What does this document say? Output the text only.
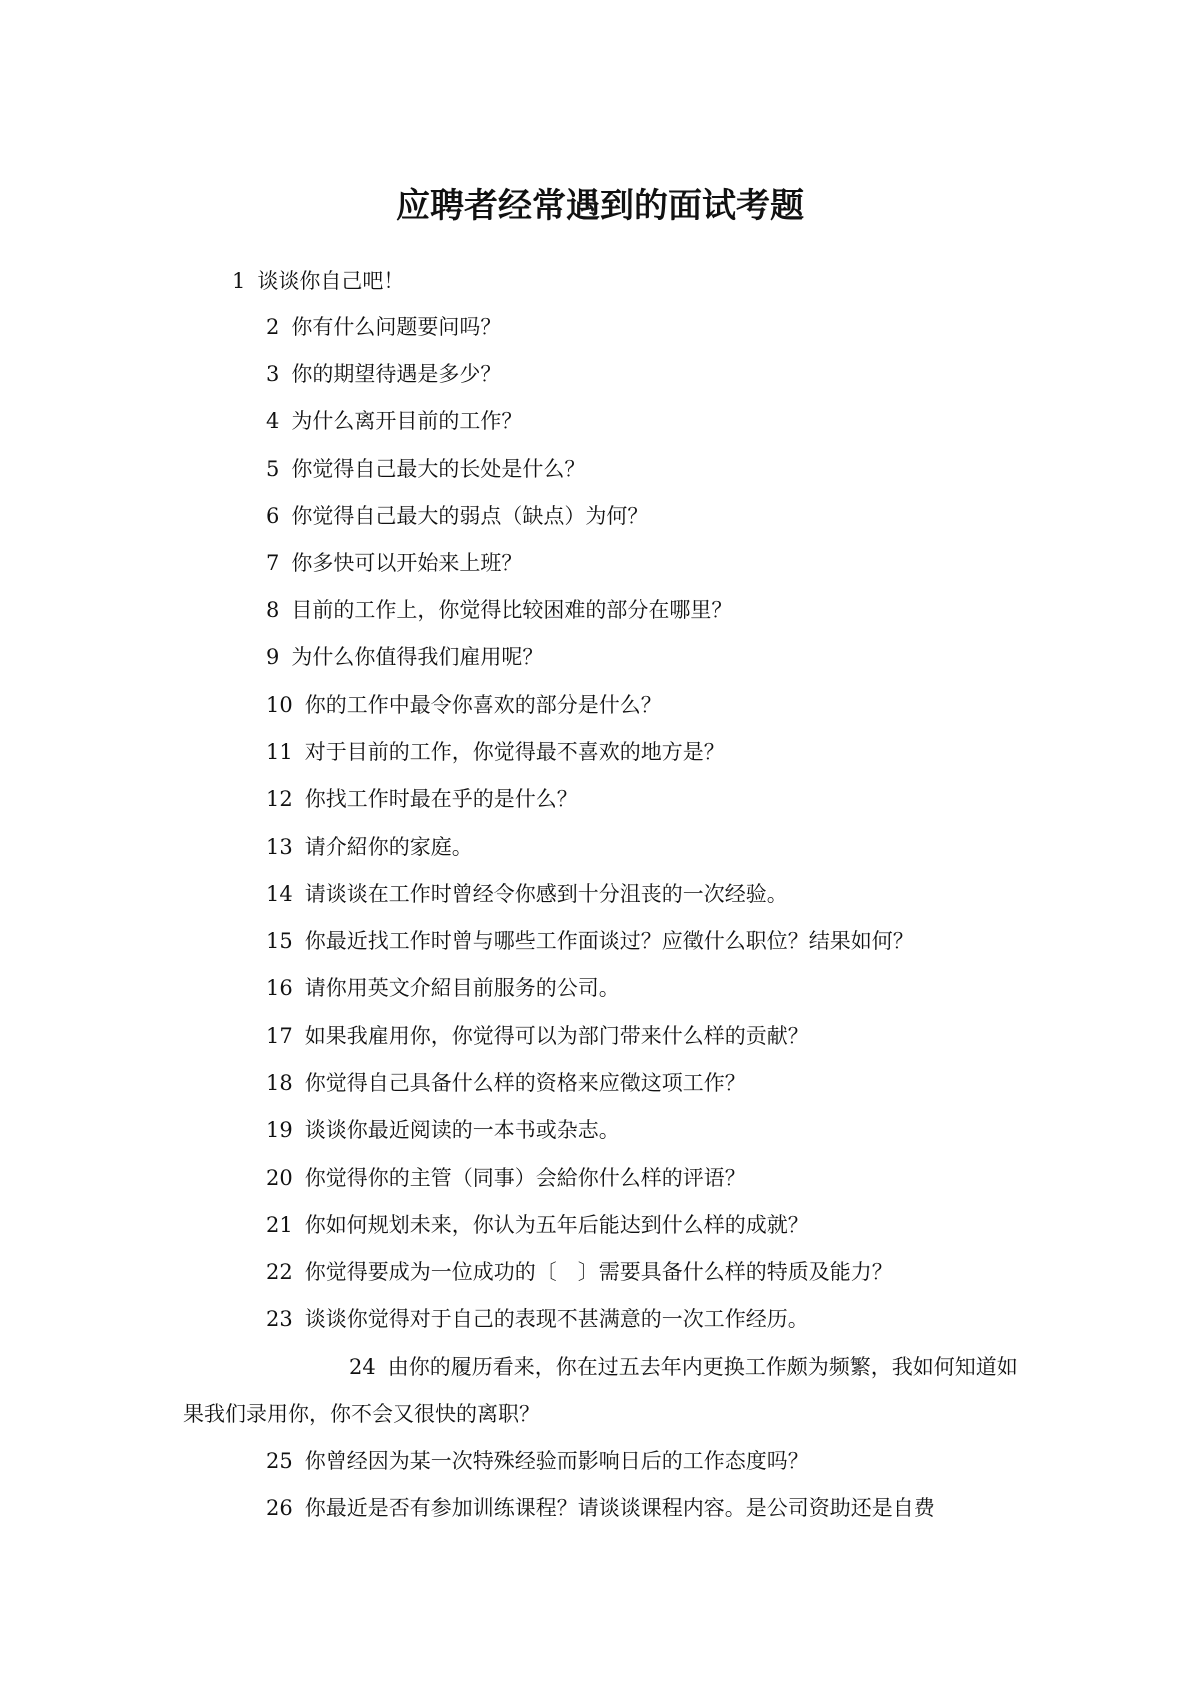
应聘者经常遇到的面试考题
1 谈谈你自己吧！
2 你有什么问题要问吗？
3 你的期望待遇是多少？
4 为什么离开目前的工作？
5 你觉得自己最大的长处是什么？
6 你觉得自己最大的弱点（缺点）为何？
7 你多快可以开始来上班？
8 目前的工作上，你觉得比较困难的部分在哪里？
9 为什么你值得我们雇用呢？
10 你的工作中最令你喜欢的部分是什么？
11 对于目前的工作，你觉得最不喜欢的地方是？
12 你找工作时最在乎的是什么？
13 请介紹你的家庭。
14 请谈谈在工作时曾经令你感到十分沮丧的一次经验。
15 你最近找工作时曾与哪些工作面谈过？应徵什么职位？结果如何？
16 请你用英文介紹目前服务的公司。
17 如果我雇用你，你觉得可以为部门带来什么样的贡献？
18 你觉得自己具备什么样的资格来应徵这项工作？
19 谈谈你最近阅读的一本书或杂志。
20 你觉得你的主管（同事）会給你什么样的评语？
21 你如何规划未来，你认为五年后能达到什么样的成就？
22 你觉得要成为一位成功的〔　〕需要具备什么样的特质及能力？
23 谈谈你觉得对于自己的表现不甚满意的一次工作经历。
24 由你的履历看来，你在过五去年内更换工作颇为频繁，我如何知道如果我们录用你，你不会又很快的离职？
25 你曾经因为某一次特殊经验而影响日后的工作态度吗？
26 你最近是否有参加训练课程？请谈谈课程内容。是公司资助还是自费
